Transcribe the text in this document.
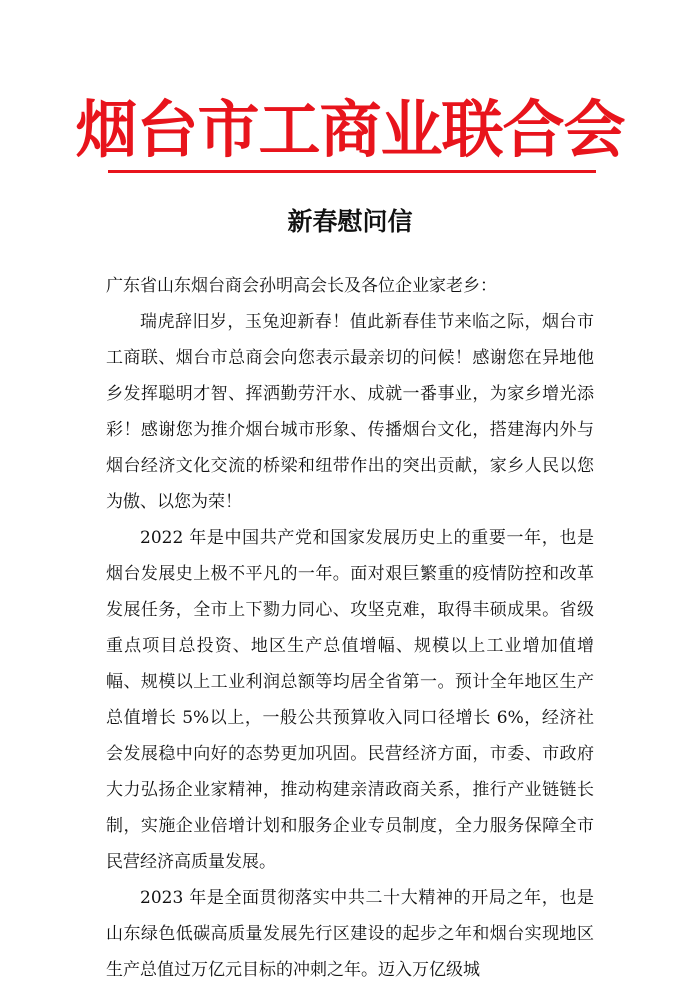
烟台市工商业联合会
新春慰问信

广东省山东烟台商会孙明高会长及各位企业家老乡：

瑞虎辞旧岁，玉兔迎新春！值此新春佳节来临之际，烟台市工商联、烟台市总商会向您表示最亲切的问候！感谢您在异地他乡发挥聪明才智、挥洒勤劳汗水、成就一番事业，为家乡增光添彩！感谢您为推介烟台城市形象、传播烟台文化，搭建海内外与烟台经济文化交流的桥梁和纽带作出的突出贡献，家乡人民以您为傲、以您为荣！

2022 年是中国共产党和国家发展历史上的重要一年，也是烟台发展史上极不平凡的一年。面对艰巨繁重的疫情防控和改革发展任务，全市上下勠力同心、攻坚克难，取得丰硕成果。省级重点项目总投资、地区生产总值增幅、规模以上工业增加值增幅、规模以上工业利润总额等均居全省第一。预计全年地区生产总值增长 5%以上，一般公共预算收入同口径增长 6%，经济社会发展稳中向好的态势更加巩固。民营经济方面，市委、市政府大力弘扬企业家精神，推动构建亲清政商关系，推行产业链链长制，实施企业倍增计划和服务企业专员制度，全力服务保障全市民营经济高质量发展。

2023 年是全面贯彻落实中共二十大精神的开局之年，也是山东绿色低碳高质量发展先行区建设的起步之年和烟台实现地区生产总值过万亿元目标的冲刺之年。迈入万亿级城
